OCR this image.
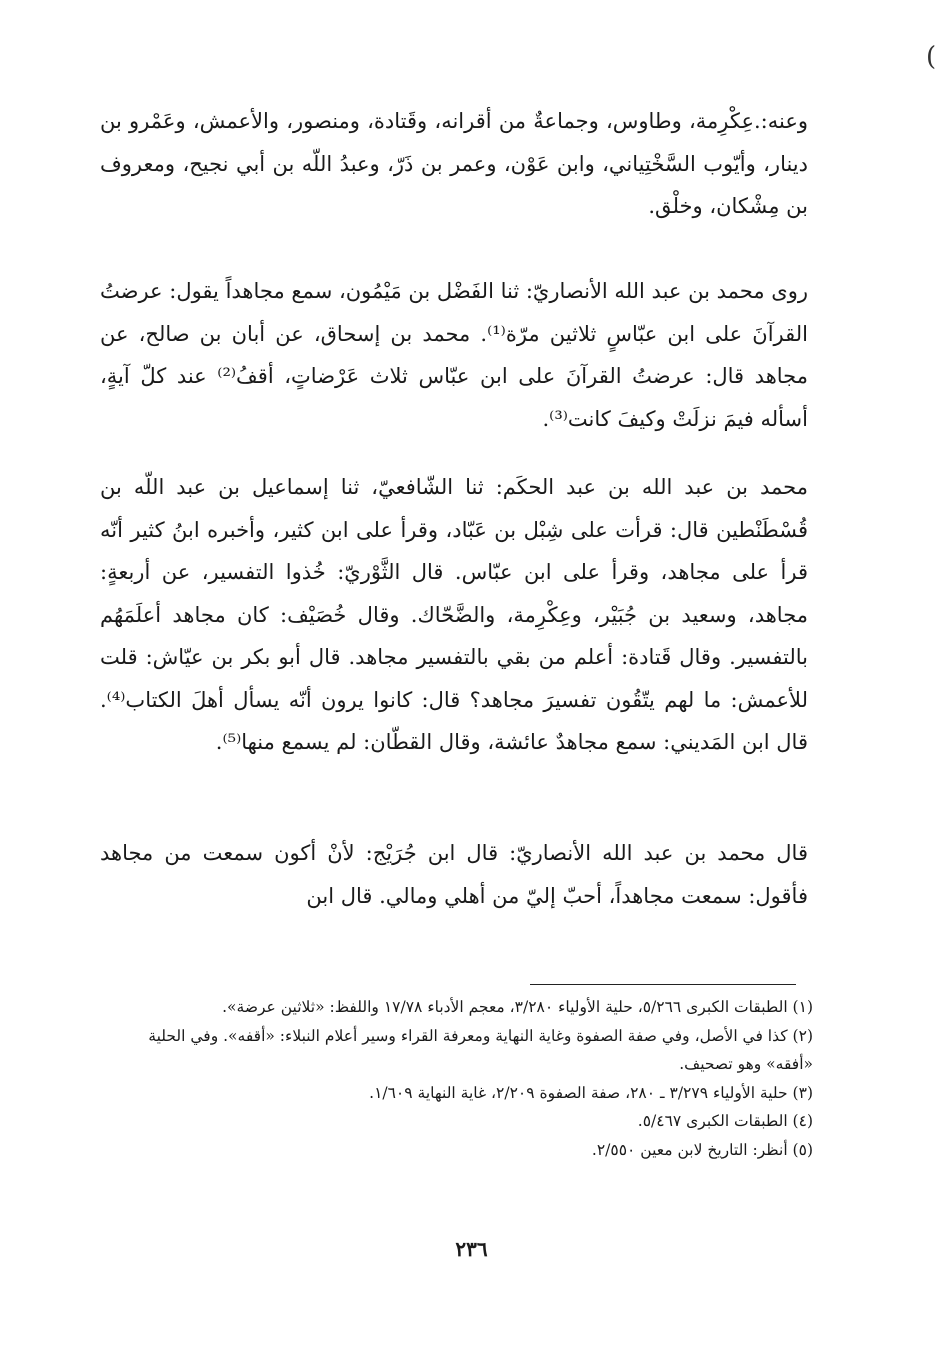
(

وعنه:.عِكْرِمة، وطاوس، وجماعةٌ من أقرانه، وقَتادة، ومنصور، والأعمش، وعَمْرو بن دينار، وأيّوب السَّخْتِياني، وابن عَوْن، وعمر بن ذَرّ، وعبدُ اللّه بن أبي نجيح، ومعروف بن مِشْكان، وخلْق.

روى محمد بن عبد الله الأنصاريّ: ثنا الفَضْل بن مَيْمُون، سمع مجاهداً يقول: عرضتُ القرآنَ على ابن عبّاسٍ ثلاثين مرّة⁽¹⁾. محمد بن إسحاق، عن أبان بن صالح، عن مجاهد قال: عرضتُ القرآنَ على ابن عبّاس ثلاث عَرْضاتٍ، أقفُ⁽²⁾ عند كلّ آيةٍ، أسأله فيمَ نزلَتْ وكيفَ كانت⁽³⁾.

محمد بن عبد الله بن عبد الحكَم: ثنا الشّافعيّ، ثنا إسماعيل بن عبد اللّه بن قُسْطَنْطين قال: قرأت على شِبْل بن عَبّاد، وقرأ على ابن كثير، وأخبره ابنُ كثير أنّه قرأ على مجاهد، وقرأ على ابن عبّاس. قال الثَّوْريّ: خُذوا التفسير، عن أربعةٍ: مجاهد، وسعيد بن جُبَيْر، وعِكْرِمة، والضَّحّاك. وقال خُصَيْف: كان مجاهد أعلَمَهُم بالتفسير. وقال قَتادة: أعلم من بقي بالتفسير مجاهد. قال أبو بكر بن عيّاش: قلت للأعمش: ما لهم يتّقُون تفسيرَ مجاهد؟ قال: كانوا يرون أنّه يسأل أهلَ الكتاب⁽⁴⁾. قال ابن المَديني: سمع مجاهدٌ عائشة، وقال القطّان: لم يسمع منها⁽⁵⁾.

قال محمد بن عبد الله الأنصاريّ: قال ابن جُرَيْج: لأنْ أكون سمعت من مجاهد فأقول: سمعت مجاهداً، أحبّ إليّ من أهلي ومالي. قال ابن

(١) الطبقات الكبرى ٥/٢٦٦، حلية الأولياء ٣/٢٨٠، معجم الأدباء ١٧/٧٨ واللفظ: «ثلاثين عرضة».
(٢) كذا في الأصل، وفي صفة الصفوة وغاية النهاية ومعرفة القراء وسير أعلام النبلاء: «أقفه». وفي الحلية «أفقه» وهو تصحيف.
(٣) حلية الأولياء ٣/٢٧٩ ـ ٢٨٠، صفة الصفوة ٢/٢٠٩، غاية النهاية ١/٦٠٩.
(٤) الطبقات الكبرى ٥/٤٦٧.
(٥) أنظر: التاريخ لابن معين ٢/٥٥٠.
٢٣٦
